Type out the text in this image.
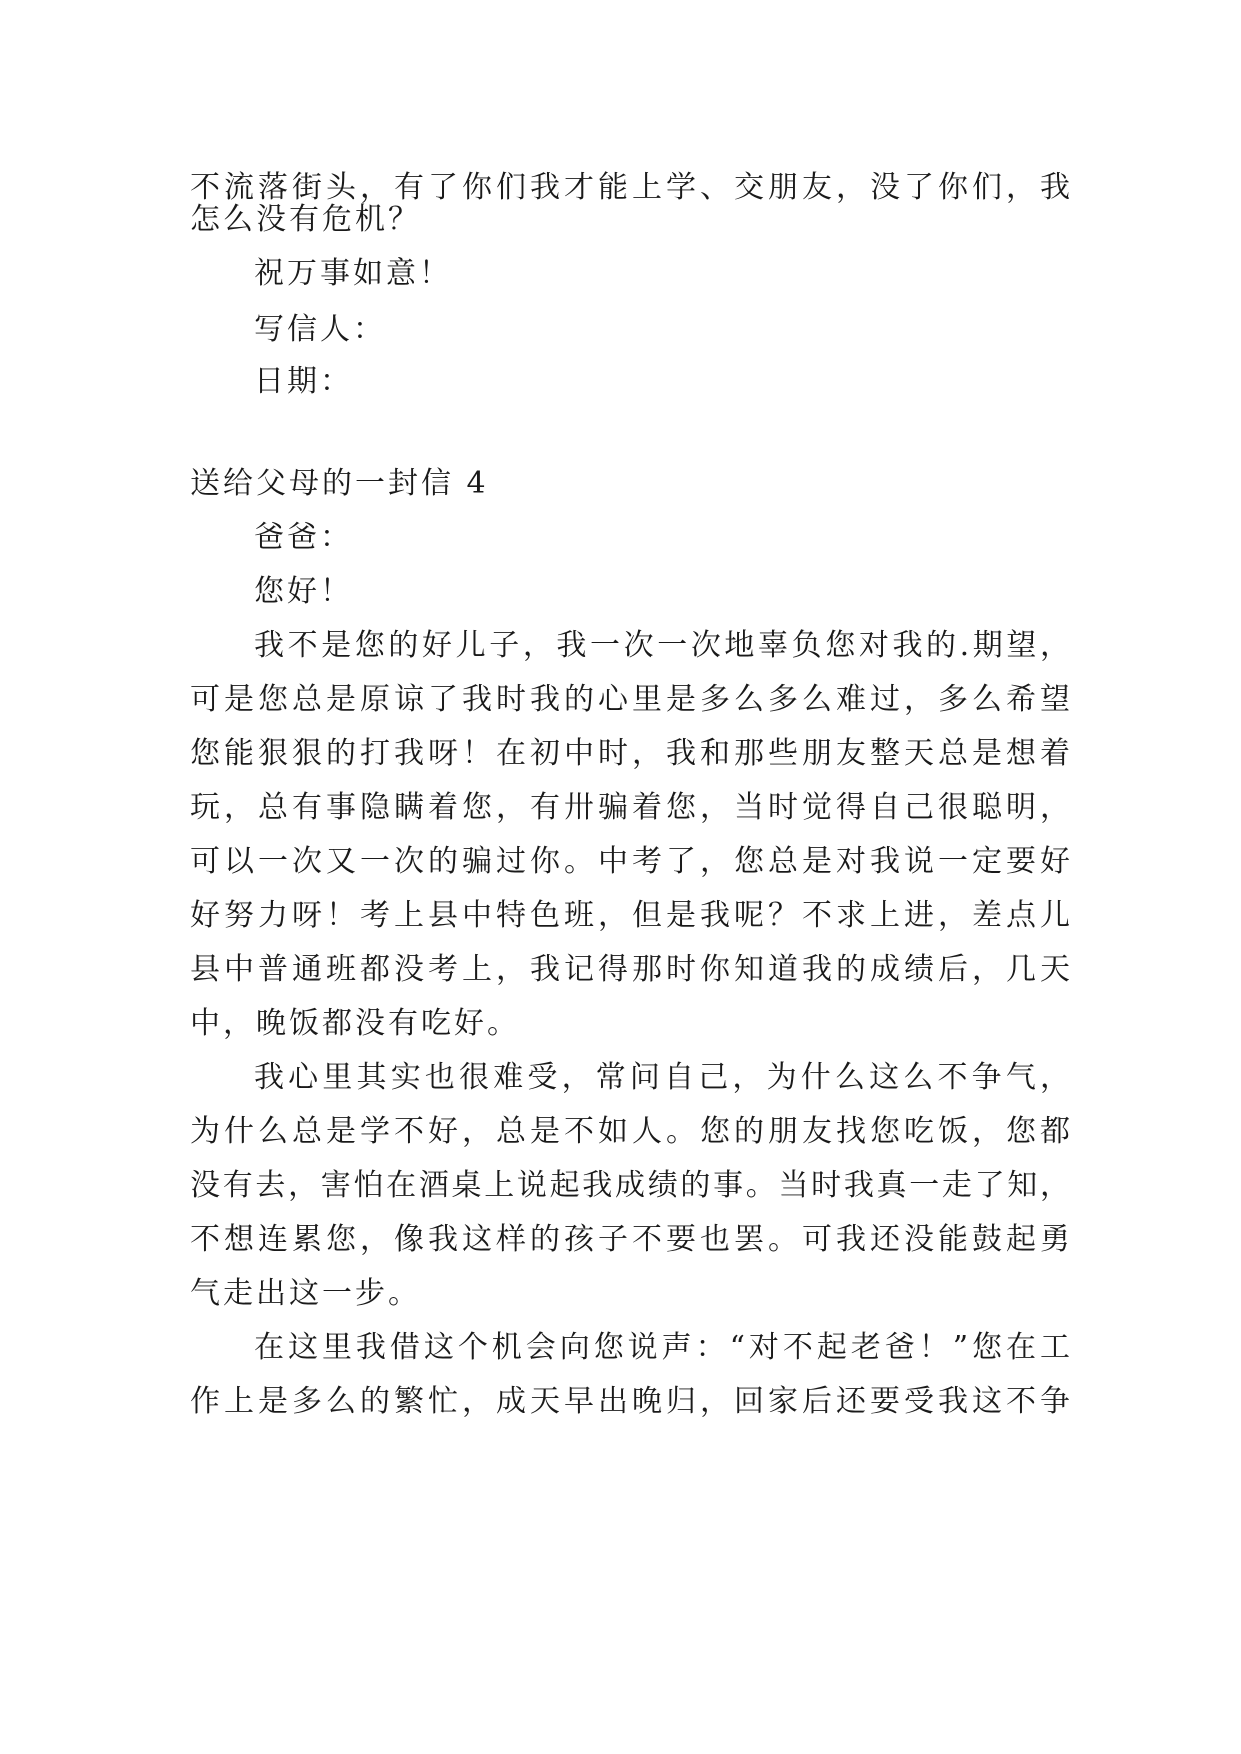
不流落街头，有了你们我才能上学、交朋友，没了你们，我

怎么没有危机？

祝万事如意！

写信人：

日期：

送给父母的一封信 4

爸爸：

您好！

我不是您的好儿子，我一次一次地辜负您对我的.期望，

可是您总是原谅了我时我的心里是多么多么难过，多么希望

您能狠狠的打我呀！在初中时，我和那些朋友整天总是想着

玩，总有事隐瞒着您，有卅骗着您，当时觉得自己很聪明，

可以一次又一次的骗过你。中考了，您总是对我说一定要好

好努力呀！考上县中特色班，但是我呢？不求上进，差点儿

县中普通班都没考上，我记得那时你知道我的成绩后，几天

中，晚饭都没有吃好。

我心里其实也很难受，常问自己，为什么这么不争气，

为什么总是学不好，总是不如人。您的朋友找您吃饭，您都

没有去，害怕在酒桌上说起我成绩的事。当时我真一走了知，

不想连累您，像我这样的孩子不要也罢。可我还没能鼓起勇

气走出这一步。

在这里我借这个机会向您说声：“对不起老爸！”您在工

作上是多么的繁忙，成天早出晚归，回家后还要受我这不争
